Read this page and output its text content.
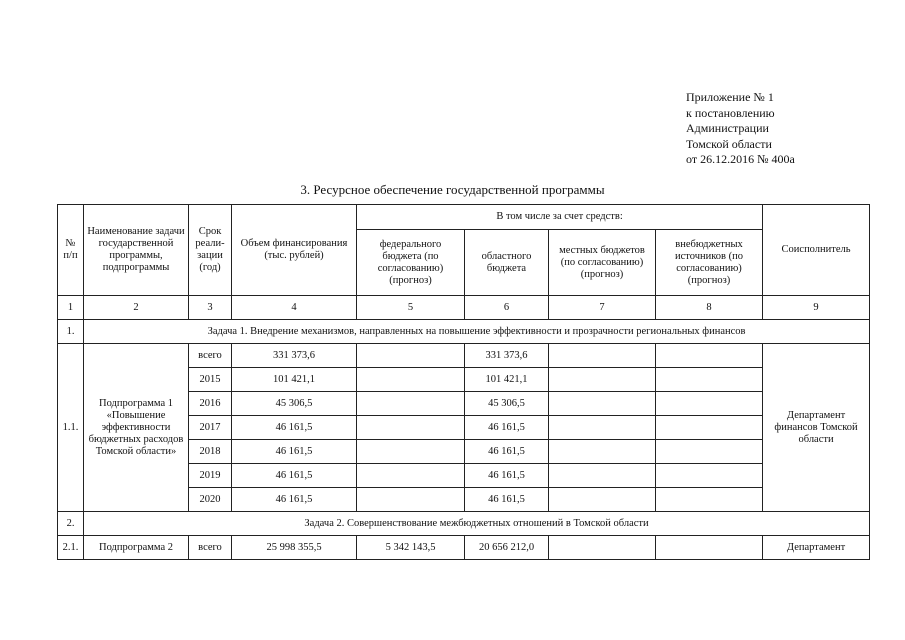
Приложение № 1
к постановлению
Администрации
Томской области
от 26.12.2016 № 400а
3. Ресурсное обеспечение государственной программы
№ п/п	Наименование задачи государственной программы, подпрограммы	Срок реали-зации (год)	Объем финансирования (тыс. рублей)	В том числе за счет средств:				Соисполнитель
				федерального бюджета (по согласованию) (прогноз)	областного бюджета	местных бюджетов (по согласованию) (прогноз)	внебюджетных источников (по согласованию) (прогноз)	
1	2	3	4	5	6	7	8	9
1.	Задача 1. Внедрение механизмов, направленных на повышение эффективности и прозрачности региональных финансов							
1.1.	Подпрограмма 1 «Повышение эффективности бюджетных расходов Томской области»	всего	331 373,6		331 373,6			Департамент финансов Томской области
		2015	101 421,1		101 421,1			
		2016	45 306,5		45 306,5			
		2017	46 161,5		46 161,5			
		2018	46 161,5		46 161,5			
		2019	46 161,5		46 161,5			
		2020	46 161,5		46 161,5			
2.	Задача 2. Совершенствование межбюджетных отношений в Томской области							
2.1.	Подпрограмма 2	всего	25 998 355,5	5 342 143,5	20 656 212,0			Департамент
